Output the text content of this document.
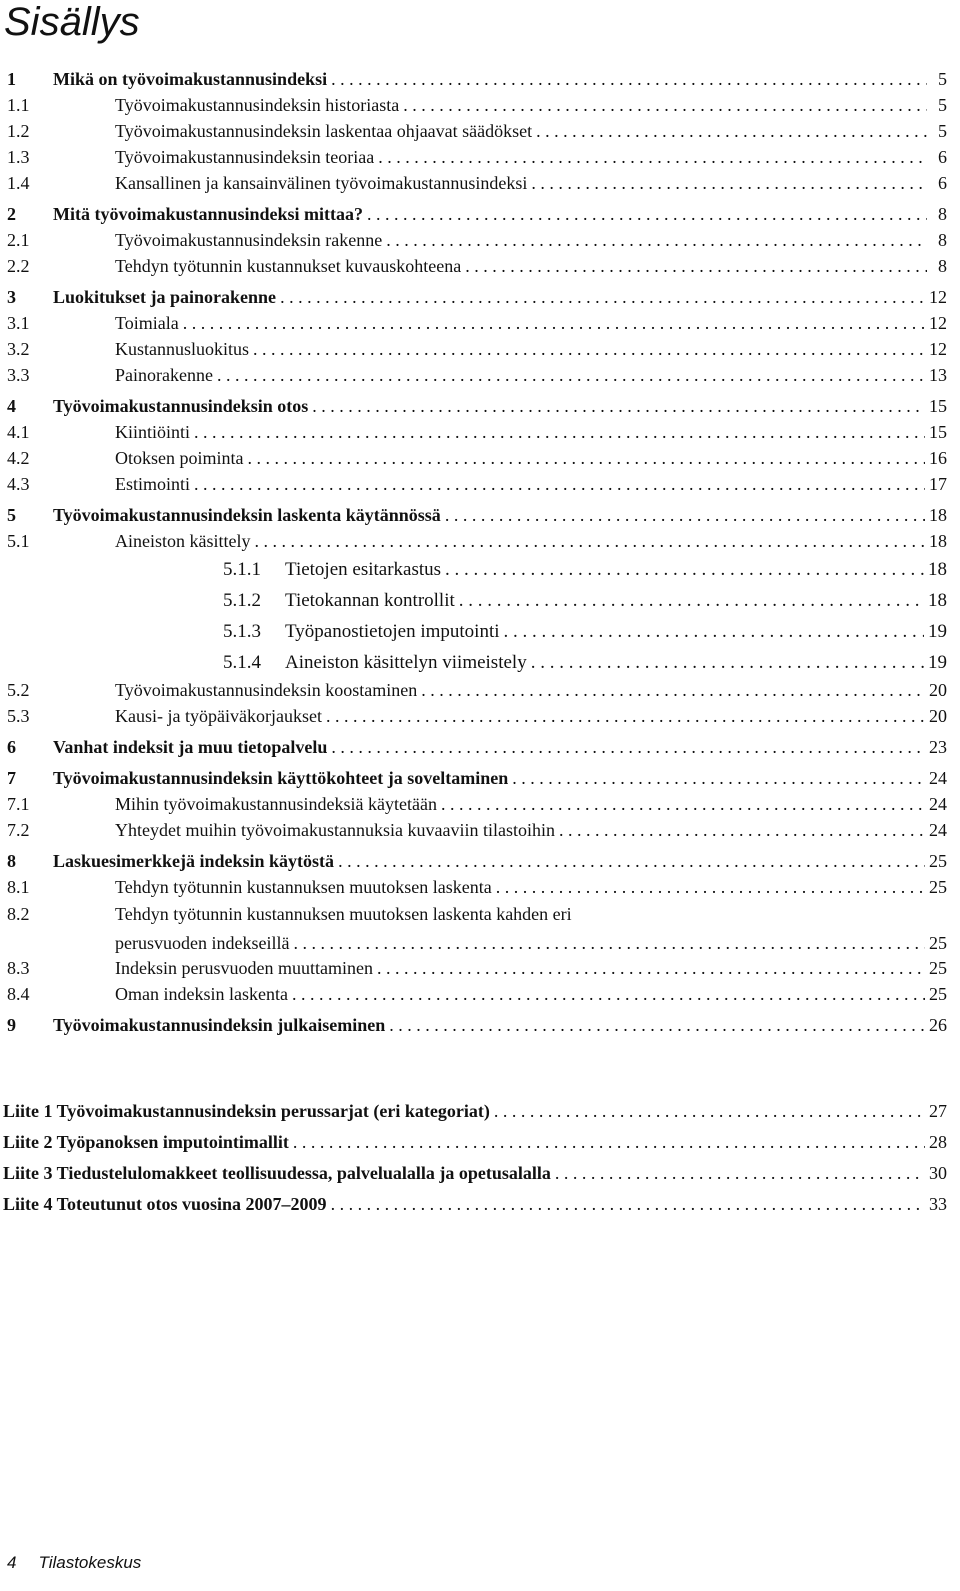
Sisällys
1	Mikä on työvoimakustannusindeksi . . .	5
1.1	Työvoimakustannusindeksin historiasta . . .	5
1.2	Työvoimakustannusindeksin laskentaa ohjaavat säädökset . . .	5
1.3	Työvoimakustannusindeksin teoriaa . . .	6
1.4	Kansallinen ja kansainvälinen työvoimakustannusindeksi . . .	6
2	Mitä työvoimakustannusindeksi mittaa? . . .	8
2.1	Työvoimakustannusindeksin rakenne . . .	8
2.2	Tehdyn työtunnin kustannukset kuvauskohteena . . .	8
3	Luokitukset ja painorakenne . . .	12
3.1	Toimiala . . .	12
3.2	Kustannusluokitus . . .	12
3.3	Painorakenne . . .	13
4	Työvoimakustannusindeksin otos . . .	15
4.1	Kiintiöinti . . .	15
4.2	Otoksen poiminta . . .	16
4.3	Estimointi . . .	17
5	Työvoimakustannusindeksin laskenta käytännössä . . .	18
5.1	Aineiston käsittely . . .	18
5.1.1	Tietojen esitarkastus . . .	18
5.1.2	Tietokannan kontrollit . . .	18
5.1.3	Työpanostietojen imputointi . . .	19
5.1.4	Aineiston käsittelyn viimeistely . . .	19
5.2	Työvoimakustannusindeksin koostaminen . . .	20
5.3	Kausi- ja työpäiväkorjaukset . . .	20
6	Vanhat indeksit ja muu tietopalvelu . . .	23
7	Työvoimakustannusindeksin käyttökohteet ja soveltaminen . . .	24
7.1	Mihin työvoimakustannusindeksiä käytetään . . .	24
7.2	Yhteydet muihin työvoimakustannuksia kuvaaviin tilastoihin . . .	24
8	Laskuesimerkkejä indeksin käytöstä . . .	25
8.1	Tehdyn työtunnin kustannuksen muutoksen laskenta . . .	25
8.2	Tehdyn työtunnin kustannuksen muutoksen laskenta kahden eri
perusvuoden indekseillä . . .	25
8.3	Indeksin perusvuoden muuttaminen . . .	25
8.4	Oman indeksin laskenta . . .	25
9	Työvoimakustannusindeksin julkaiseminen . . .	26
Liite 1 Työvoimakustannusindeksin perussarjat (eri kategoriat) . . .	27
Liite 2 Työpanoksen imputointimallit . . .	28
Liite 3 Tiedustelulomakkeet teollisuudessa, palvelualalla ja opetusalalla . . .	30
Liite 4 Toteutunut otos vuosina 2007–2009 . . .	33
4 Tilastokeskus
